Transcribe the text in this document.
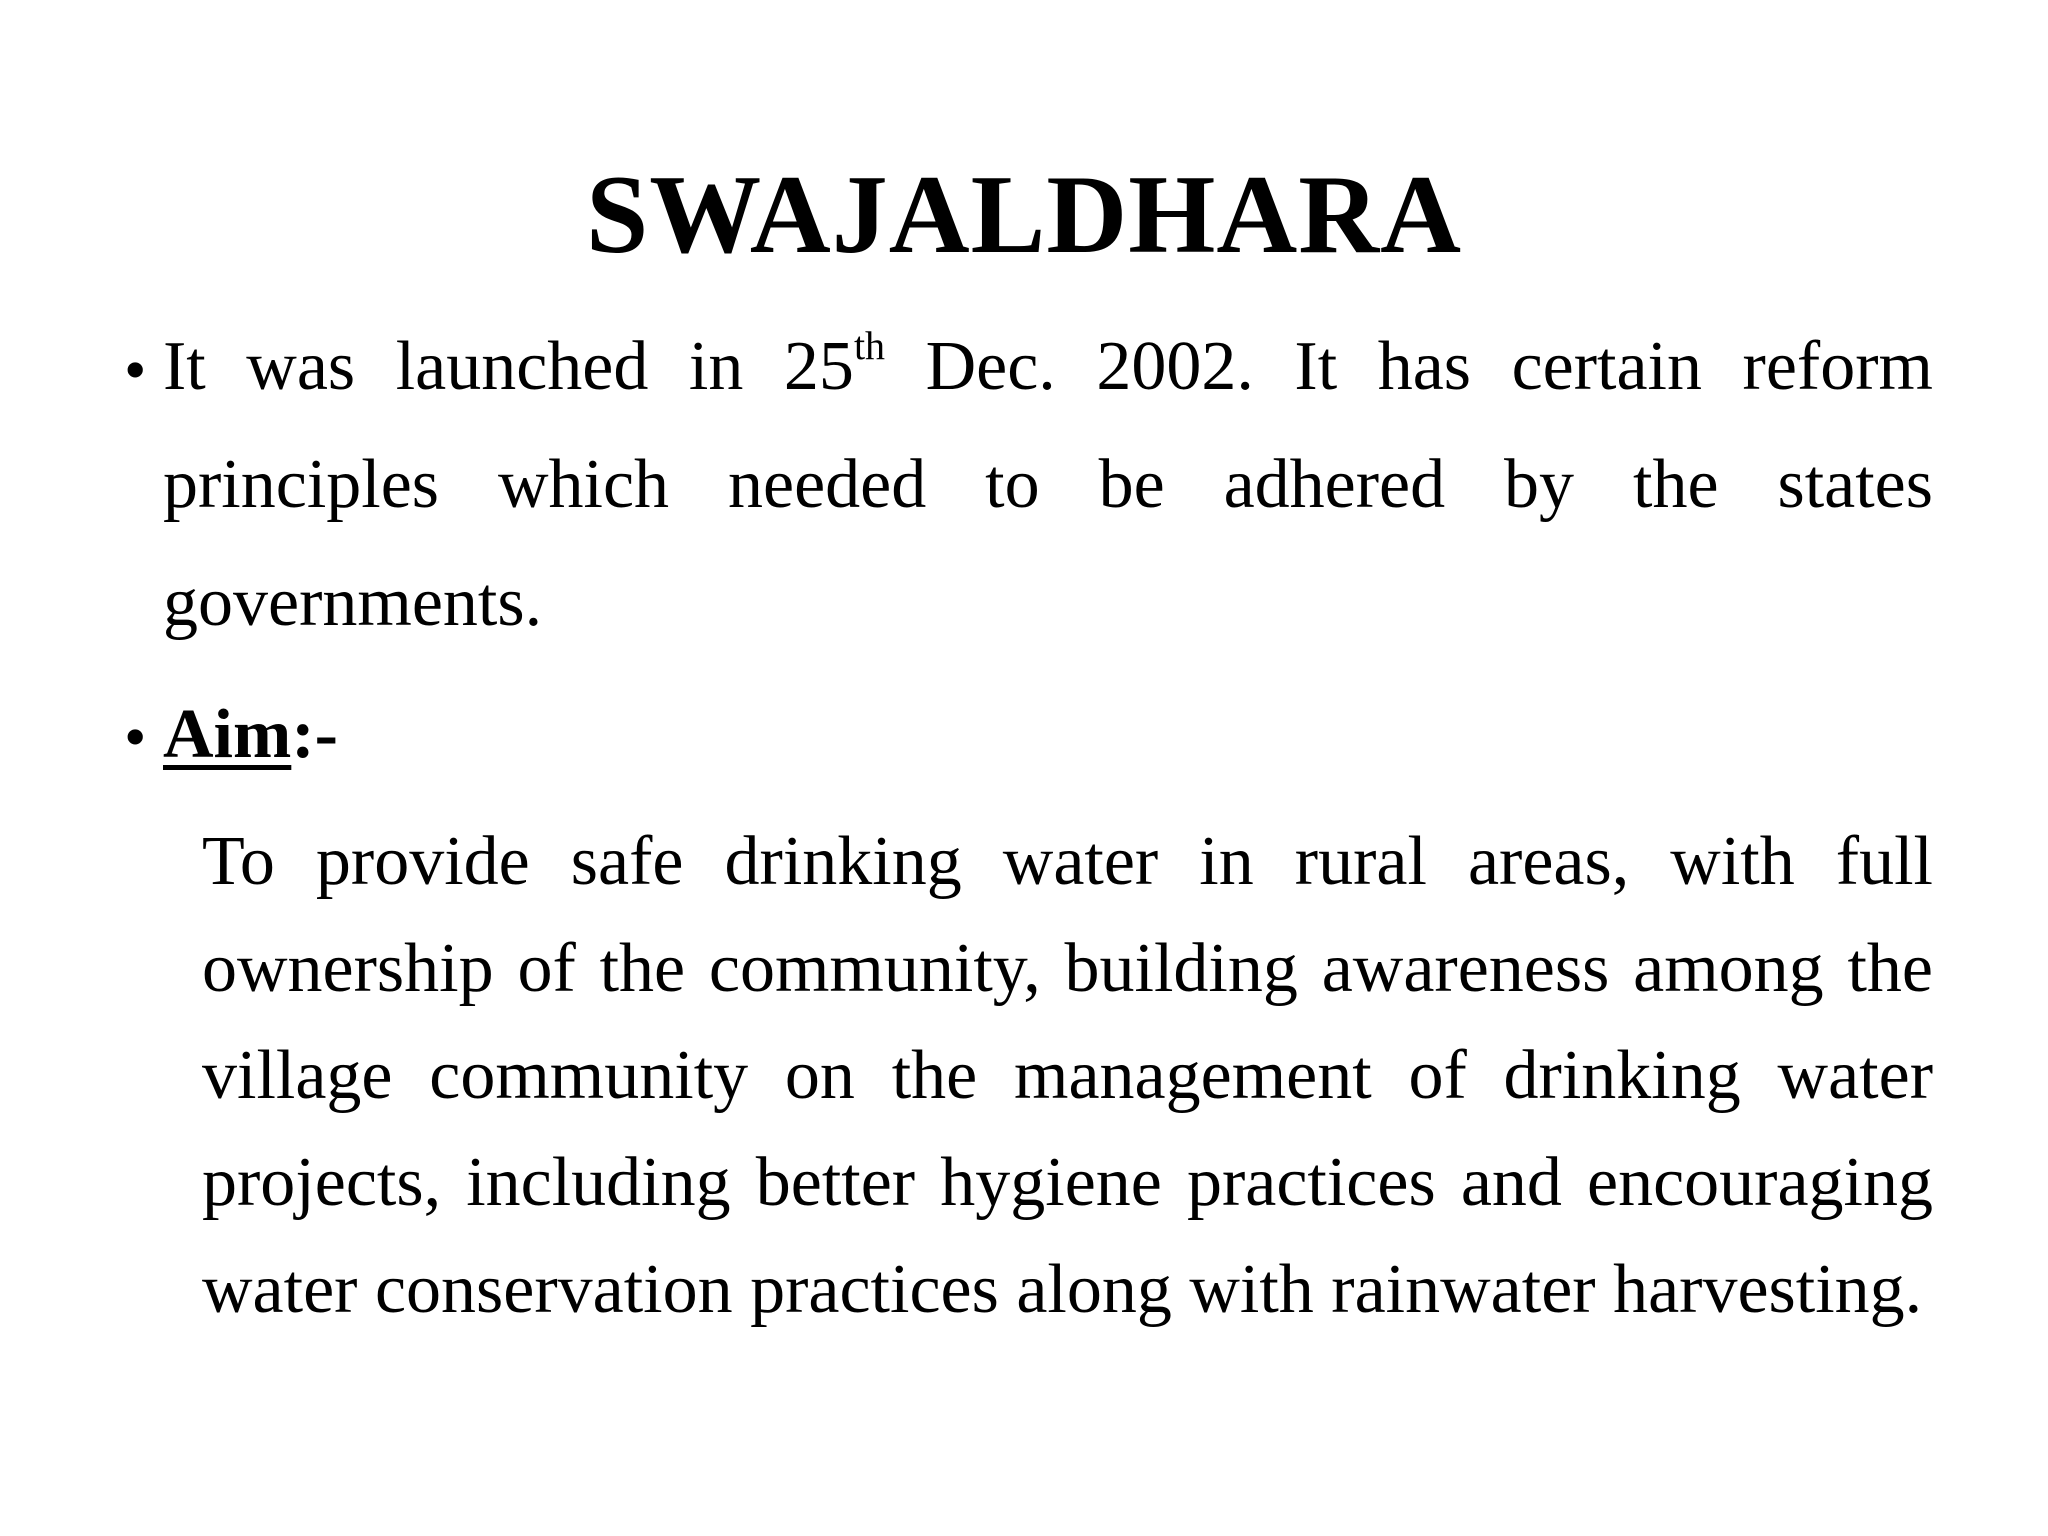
SWAJALDHARA
• It was launched in 25th Dec. 2002. It has certain reform
principles which needed to be adhered by the states
governments.
• Aim:-
To provide safe drinking water in rural areas, with full
ownership of the community, building awareness among the
village community on the management of drinking water
projects, including better hygiene practices and encouraging
water conservation practices along with rainwater harvesting.
